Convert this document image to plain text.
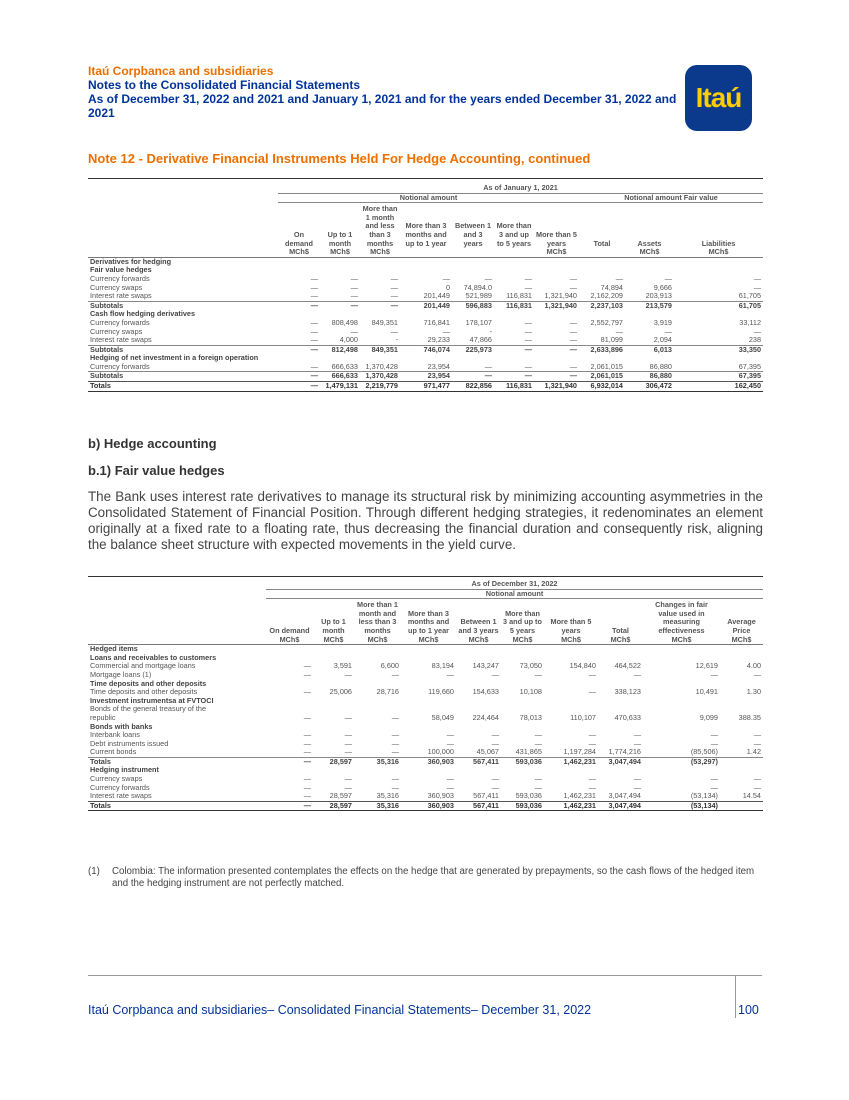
Itaú Corpbanca and subsidiaries
Notes to the Consolidated Financial Statements
As of December 31, 2022 and 2021 and January 1, 2021 and for the years ended December 31, 2022 and 2021	Itaú
Note 12 - Derivative Financial Instruments Held For Hedge Accounting, continued
	As of January 1, 2021									
	Notional amount							Notional amount Fair value		
	On demand	Up to 1 month	More than 1 month and less than 3 months	More than 3 months and up to 1 year	Between 1 and 3 years	More than 3 and up to 5 years	More than 5 years	Total	Assets	Liabilities
	MCh$	MCh$	MCh$				MCh$		MCh$	MCh$
Derivatives for hedging										
Fair value hedges										
Currency forwards	—	—	—	—	—	—	—	—	—	—
Currency swaps	—	—	—	0	74,894.0	—	—	74,894	9,666	—
Interest rate swaps	—	—	—	201,449	521,989	116,831	1,321,940	2,162,209	203,913	61,705
Subtotals	—	—	—	201,449	596,883	116,831	1,321,940	2,237,103	213,579	61,705
Cash flow hedging derivatives										
Currency forwards	—	808,498	849,351	716,841	178,107	—	—	2,552,797	3,919	33,112
Currency swaps	—	—	—	—	-	—	—	—	—	—
Interest rate swaps	—	4,000	-	29,233	47,866	—	—	81,099	2,094	238
Subtotals	—	812,498	849,351	746,074	225,973	—	—	2,633,896	6,013	33,350
Hedging of net investment in a foreign operation										
Currency forwards	—	666,633	1,370,428	23,954	—	—	—	2,061,015	86,880	67,395
Subtotals	—	666,633	1,370,428	23,954	—	—	—	2,061,015	86,880	67,395
Totals	—	1,479,131	2,219,779	971,477	822,856	116,831	1,321,940	6,932,014	306,472	162,450
b) Hedge accounting
b.1) Fair value hedges
The Bank uses interest rate derivatives to manage its structural risk by minimizing accounting asymmetries in the Consolidated Statement of Financial Position. Through different hedging strategies, it redenominates an element originally at a fixed rate to a floating rate, thus decreasing the financial duration and consequently risk, aligning the balance sheet structure with expected movements in the yield curve.
	As of December 31, 2022									
	Notional amount									
	On demand	Up to 1 month	More than 1 month and less than 3 months	More than 3 months and up to 1 year	Between 1 and 3 years	More than 3 and up to 5 years	More than 5 years	Total	Changes in fair value used in measuring effectiveness	Average Price
	MCh$	MCh$	MCh$	MCh$	MCh$	MCh$	MCh$	MCh$	MCh$	MCh$
Hedged items										
Loans and receivables to customers										
Commercial and mortgage loans	—	3,591	6,600	83,194	143,247	73,050	154,840	464,522	12,619	4.00
Mortgage loans (1)	—	—	—	—	—	—	—	—	—	—
Time deposits and other deposits										
Time deposits and other deposits	—	25,006	28,716	119,660	154,633	10,108	—	338,123	10,491	1.30
Investment instrumentsa at FVTOCI										
Bonds of the general treasury of the										
republic	—	—	—	58,049	224,464	78,013	110,107	470,633	9,099	388.35
Bonds with banks										
Interbank loans	—	—	—	—	—	—	—	—	—	—
Debt instruments issued	—	—	—	—	—	—	—	—	—	—
Current bonds	—	—	—	100,000	45,067	431,865	1,197,284	1,774,216	(85,506)	1.42
Totals	—	28,597	35,316	360,903	567,411	593,036	1,462,231	3,047,494	(53,297)	
Hedging instrument										
Currency swaps	—	—	—	—	—	—	—	—	—	—
Currency forwards	—	—	—	—	—	—	—	—	—	—
Interest rate swaps	—	28,597	35,316	360,903	567,411	593,036	1,462,231	3,047,494	(53,134)	14.54
Totals	—	28,597	35,316	360,903	567,411	593,036	1,462,231	3,047,494	(53,134)	
(1)	Colombia: The information presented contemplates the effects on the hedge that are generated by prepayments, so the cash flows of the hedged item and the hedging instrument are not perfectly matched.
Itaú Corpbanca and subsidiaries– Consolidated Financial Statements– December 31, 2022	100
